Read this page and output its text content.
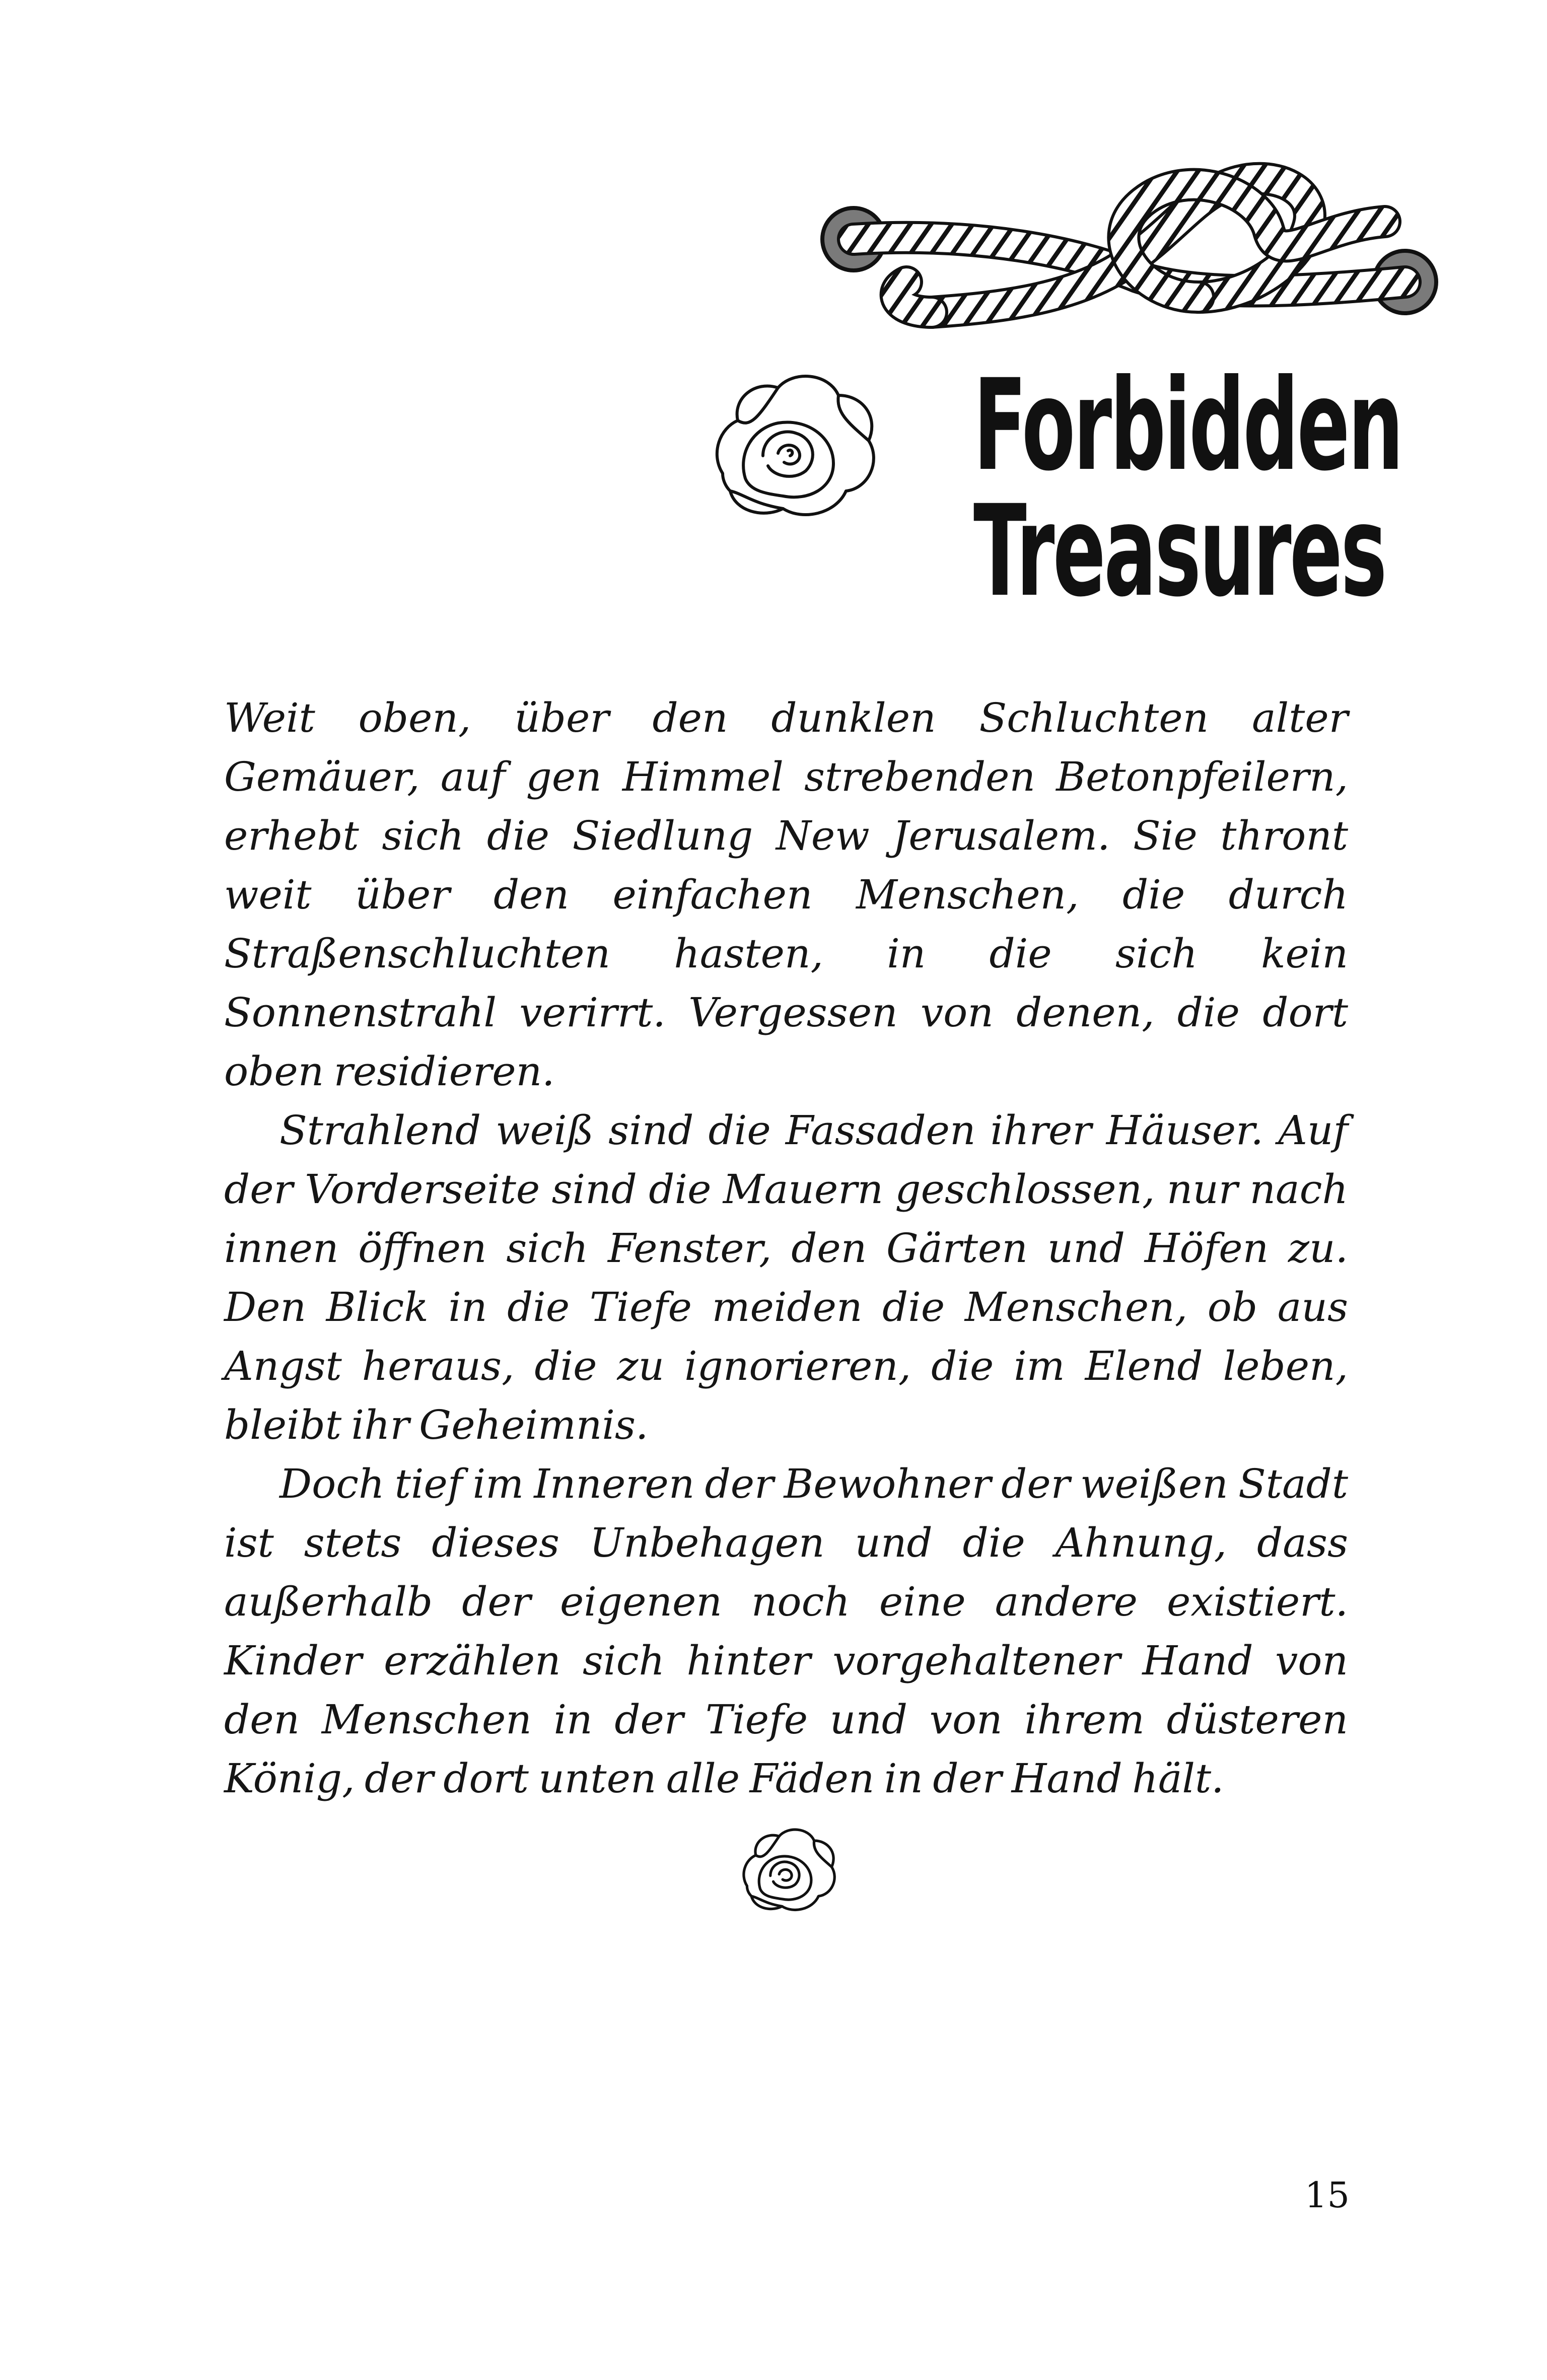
Forbidden
Treasures

Weit oben, über den dunklen Schluchten alter Gemäuer, auf gen Himmel strebenden Betonpfeilern, erhebt sich die Siedlung New Jerusalem. Sie thront weit über den einfachen Menschen, die durch Straßenschluchten hasten, in die sich kein Sonnenstrahl verirrt. Vergessen von denen, die dort oben residieren.

Strahlend weiß sind die Fassaden ihrer Häuser. Auf der Vorderseite sind die Mauern geschlossen, nur nach innen öffnen sich Fenster, den Gärten und Höfen zu. Den Blick in die Tiefe meiden die Menschen, ob aus Angst heraus, die zu ignorieren, die im Elend leben, bleibt ihr Geheimnis.

Doch tief im Inneren der Bewohner der weißen Stadt ist stets dieses Unbehagen und die Ahnung, dass außerhalb der eigenen noch eine andere existiert. Kinder erzählen sich hinter vorgehaltener Hand von den Menschen in der Tiefe und von ihrem düsteren König, der dort unten alle Fäden in der Hand hält.

15
